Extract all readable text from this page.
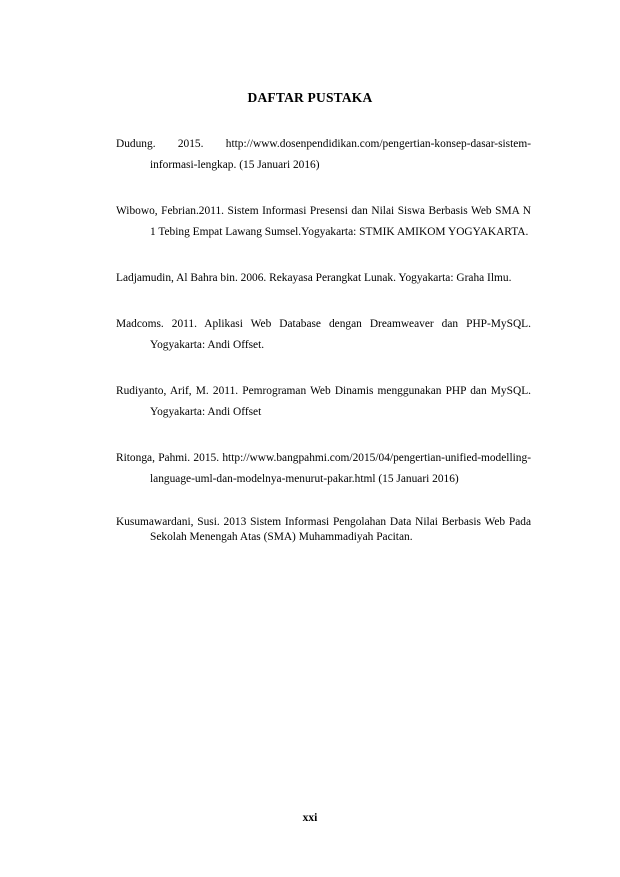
DAFTAR PUSTAKA

Dudung. 2015. http://www.dosenpendidikan.com/pengertian-konsep-dasar-sistem-informasi-lengkap. (15 Januari 2016)

Wibowo, Febrian.2011. Sistem Informasi Presensi dan Nilai Siswa Berbasis Web SMA N 1 Tebing Empat Lawang Sumsel.Yogyakarta: STMIK AMIKOM YOGYAKARTA.

Ladjamudin, Al Bahra bin. 2006. Rekayasa Perangkat Lunak. Yogyakarta: Graha Ilmu.

Madcoms. 2011. Aplikasi Web Database dengan Dreamweaver dan PHP-MySQL. Yogyakarta: Andi Offset.

Rudiyanto, Arif, M. 2011. Pemrograman Web Dinamis menggunakan PHP dan MySQL. Yogyakarta: Andi Offset

Ritonga, Pahmi. 2015. http://www.bangpahmi.com/2015/04/pengertian-unified-modelling-language-uml-dan-modelnya-menurut-pakar.html (15 Januari 2016)

Kusumawardani, Susi. 2013 Sistem Informasi Pengolahan Data Nilai Berbasis Web Pada Sekolah Menengah Atas (SMA) Muhammadiyah Pacitan.

xxi
